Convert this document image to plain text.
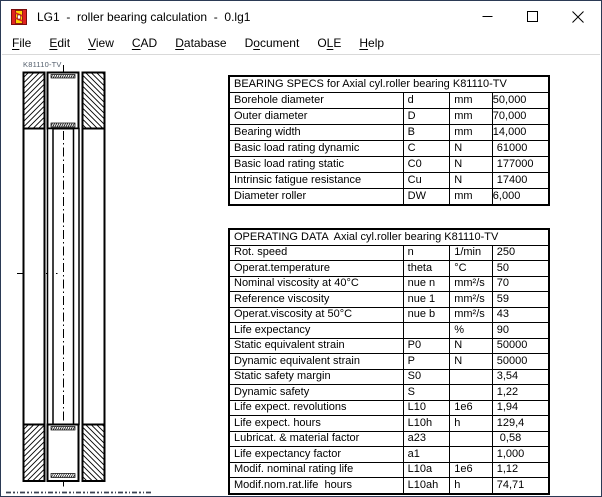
LG1  -  roller bearing calculation  -  0.lg1
File	Edit	View	CAD	Database	Document	OLE	Help
K81110-TV
BEARING SPECS for Axial cyl.roller bearing K81110-TV			
Borehole diameter	d	mm	50,000
Outer diameter	D	mm	70,000
Bearing width	B	mm	14,000
Basic load rating dynamic	C	N	61000
Basic load rating static	C0	N	177000
Intrinsic fatigue resistance	Cu	N	17400
Diameter roller	DW	mm	6,000
OPERATING DATA  Axial cyl.roller bearing K81110-TV			
Rot. speed	n	1/min	250
Operat.temperature	theta	°C	50
Nominal viscosity at 40°C	nue n	mm²/s	70
Reference viscosity	nue 1	mm²/s	59
Operat.viscosity at 50°C	nue b	mm²/s	43
Life expectancy		%	90
Static equivalent strain	P0	N	50000
Dynamic equivalent strain	P	N	50000
Static safety margin	S0		3,54
Dynamic safety	S		1,22
Life expect. revolutions	L10	1e6	1,94
Life expect. hours	L10h	h	129,4
Lubricat. & material factor	a23		0,58
Life expectancy factor	a1		1,000
Modif. nominal rating life	L10a	1e6	1,12
Modif.nom.rat.life  hours	L10ah	h	74,71
